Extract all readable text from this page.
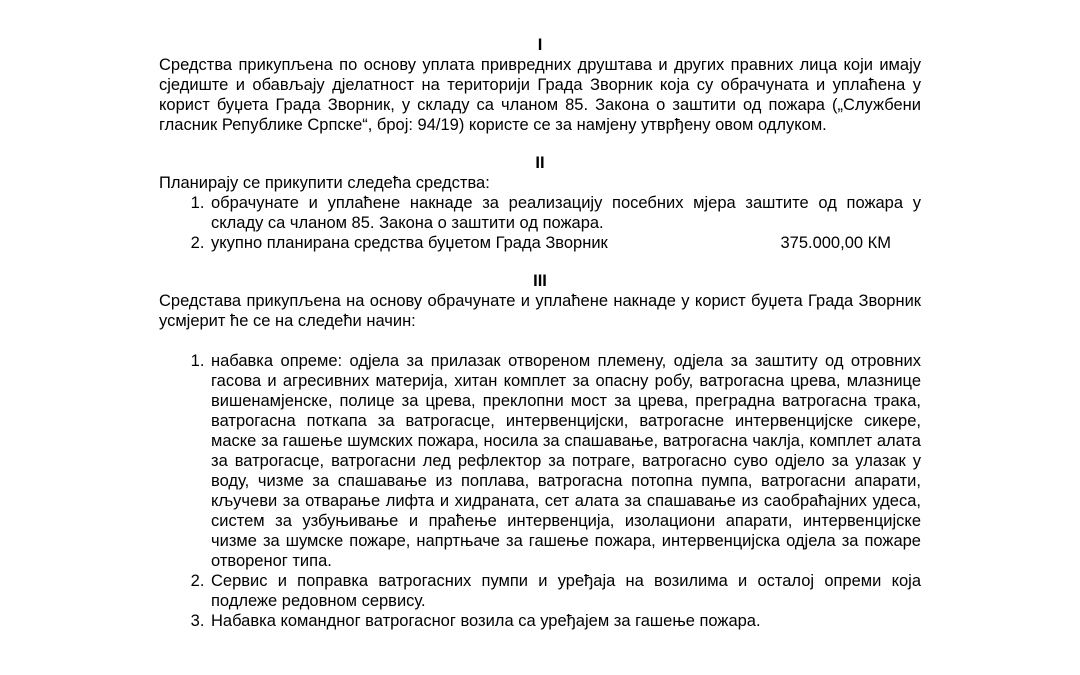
I

Средства прикупљена по основу уплата привредних друштава и других правних лица који имају сједиште и обављају дјелатност на територији Града Зворник која су обрачуната и уплаћена у корист буџета Града Зворник, у складу са чланом 85. Закона о заштити од пожара („Службени гласник Републике Српске“, број: 94/19) користе се за намјену утврђену овом одлуком.

II

Планирају се прикупити следећа средства:

1. обрачунате и уплаћене накнаде за реализацију посебних мјера заштите од пожара у складу са чланом 85. Закона о заштити од пожара.
2. укупно планирана средства буџетом Града Зворник	375.000,00 КМ

III

Средстава прикупљена на основу обрачунате и уплаћене накнаде у корист буџета Града Зворник усмјерит ће се на следећи начин:

1. набавка опреме: одјела за прилазак отвореном племену, одјела за заштиту од отровних гасова и агресивних материја, хитан комплет за опасну робу, ватрогасна црева, млазнице вишенамјенске, полице за црева, преклопни мост за црева, преградна ватрогасна трака, ватрогасна поткапа за ватрогасце, интервенцијски, ватрогасне интервенцијске сикере, маске за гашење шумских пожара, носила за спашавање, ватрогасна чаклја, комплет алата за ватрогасце, ватрогасни лед рефлектор за потраге, ватрогасно суво одјело за улазак у воду, чизме за спашавање из поплава, ватрогасна потопна пумпа, ватрогасни апарати, кључеви за отварање лифта и хидраната, сет алата за спашавање из саобраћајних удеса, систем за узбуњивање и праћење интервенција, изолациони апарати, интервенцијске чизме за шумске пожаре, напртњаче за гашење пожара, интервенцијска одјела за пожаре отвореног типа.
2. Сервис и поправка ватрогасних пумпи и уређаја на возилима и осталој опреми која подлеже редовном сервису.
3. Набавка командног ватрогасног возила са уређајем за гашење пожара.
